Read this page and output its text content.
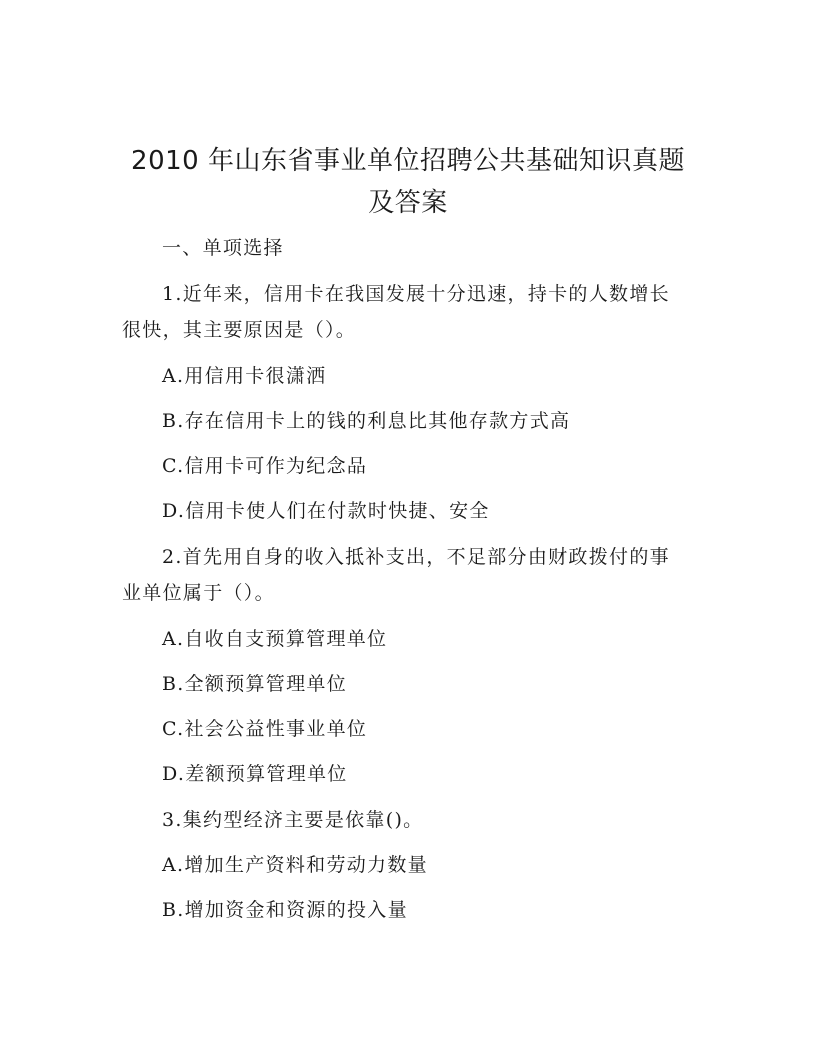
2010 年山东省事业单位招聘公共基础知识真题
及答案
一、单项选择
1.近年来，信用卡在我国发展十分迅速，持卡的人数增长
很快，其主要原因是（）。
A.用信用卡很潇洒
B.存在信用卡上的钱的利息比其他存款方式高
C.信用卡可作为纪念品
D.信用卡使人们在付款时快捷、安全
2.首先用自身的收入抵补支出，不足部分由财政拨付的事
业单位属于（）。
A.自收自支预算管理单位
B.全额预算管理单位
C.社会公益性事业单位
D.差额预算管理单位
3.集约型经济主要是依靠()。
A.增加生产资料和劳动力数量
B.增加资金和资源的投入量
